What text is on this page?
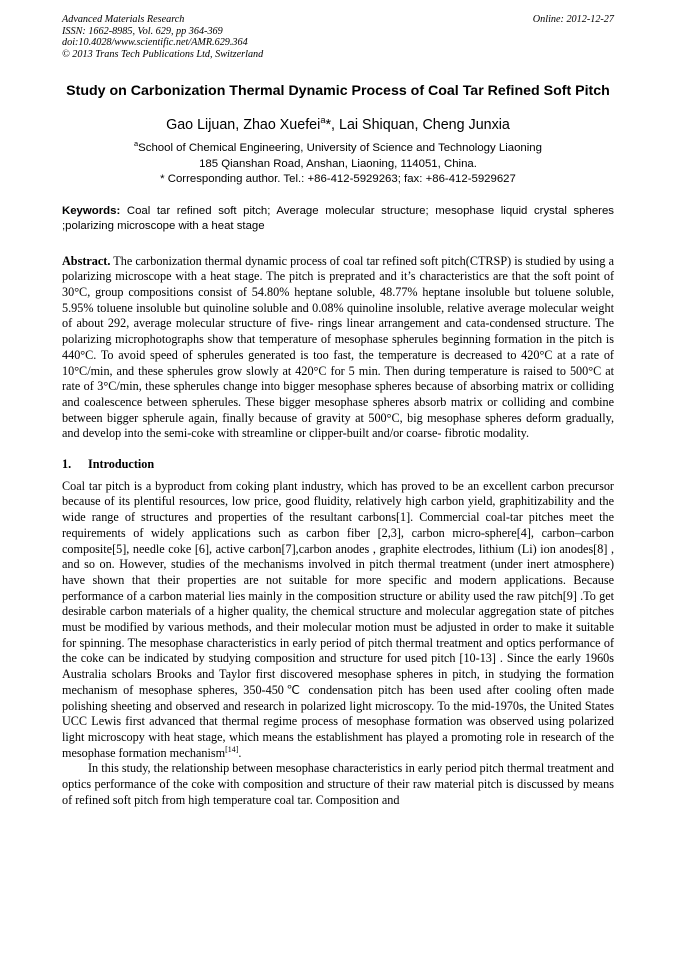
Advanced Materials Research
ISSN: 1662-8985, Vol. 629, pp 364-369
doi:10.4028/www.scientific.net/AMR.629.364
© 2013 Trans Tech Publications Ltd, Switzerland
Online: 2012-12-27
Study on Carbonization Thermal Dynamic Process of Coal Tar Refined Soft Pitch
Gao Lijuan, Zhao Xuefei$^a$*, Lai Shiquan, Cheng Junxia
$^a$School of Chemical Engineering, University of Science and Technology Liaoning
185 Qianshan Road, Anshan, Liaoning, 114051, China.
* Corresponding author. Tel.: +86-412-5929263; fax: +86-412-5929627
Keywords: Coal tar refined soft pitch; Average molecular structure; mesophase liquid crystal spheres ;polarizing microscope with a heat stage
Abstract. The carbonization thermal dynamic process of coal tar refined soft pitch(CTRSP) is studied by using a polarizing microscope with a heat stage. The pitch is preprated and it’s characteristics are that the soft point of 30°C, group compositions consist of 54.80% heptane soluble, 48.77% heptane insoluble but toluene soluble, 5.95% toluene insoluble but quinoline soluble and 0.08% quinoline insoluble, relative average molecular weight of about 292, average molecular structure of five- rings linear arrangement and cata-condensed structure. The polarizing microphotographs show that temperature of mesophase spherules beginning formation in the pitch is 440°C. To avoid speed of spherules generated is too fast, the temperature is decreased to 420°C at a rate of 10°C/min, and these spherules grow slowly at 420°C for 5 min. Then during temperature is raised to 500°C at rate of 3°C/min, these spherules change into bigger mesophase spheres because of absorbing matrix or colliding and coalescence between spherules. These bigger mesophase spheres absorb matrix or colliding and combine between bigger spherule again, finally because of gravity at 500°C, big mesophase spheres deform gradually, and develop into the semi-coke with streamline or clipper-built and/or coarse- fibrotic modality.
1. Introduction
Coal tar pitch is a byproduct from coking plant industry, which has proved to be an excellent carbon precursor because of its plentiful resources, low price, good fluidity, relatively high carbon yield, graphitizability and the wide range of structures and properties of the resultant carbons[1]. Commercial coal-tar pitches meet the requirements of widely applications such as carbon fiber [2,3], carbon micro-sphere[4], carbon–carbon composite[5], needle coke [6], active carbon[7],carbon anodes , graphite electrodes, lithium (Li) ion anodes[8] , and so on. However, studies of the mechanisms involved in pitch thermal treatment (under inert atmosphere) have shown that their properties are not suitable for more specific and modern applications. Because performance of a carbon material lies mainly in the composition structure or ability used the raw pitch[9] .To get desirable carbon materials of a higher quality, the chemical structure and molecular aggregation state of pitches must be modified by various methods, and their molecular motion must be adjusted in order to make it suitable for spinning. The mesophase characteristics in early period of pitch thermal treatment and optics performance of the coke can be indicated by studying composition and structure for used pitch [10-13] . Since the early 1960s Australia scholars Brooks and Taylor first discovered mesophase spheres in pitch, in studying the formation mechanism of mesophase spheres, 350-450℃ condensation pitch has been used after cooling often made polishing sheeting and observed and research in polarized light microscopy. To the mid-1970s, the United States UCC Lewis first advanced that thermal regime process of mesophase formation was observed using polarized light microscopy with heat stage, which means the establishment has played a promoting role in research of the mesophase formation mechanism[14].
In this study, the relationship between mesophase characteristics in early period pitch thermal treatment and optics performance of the coke with composition and structure of their raw material pitch is discussed by means of refined soft pitch from high temperature coal tar. Composition and
